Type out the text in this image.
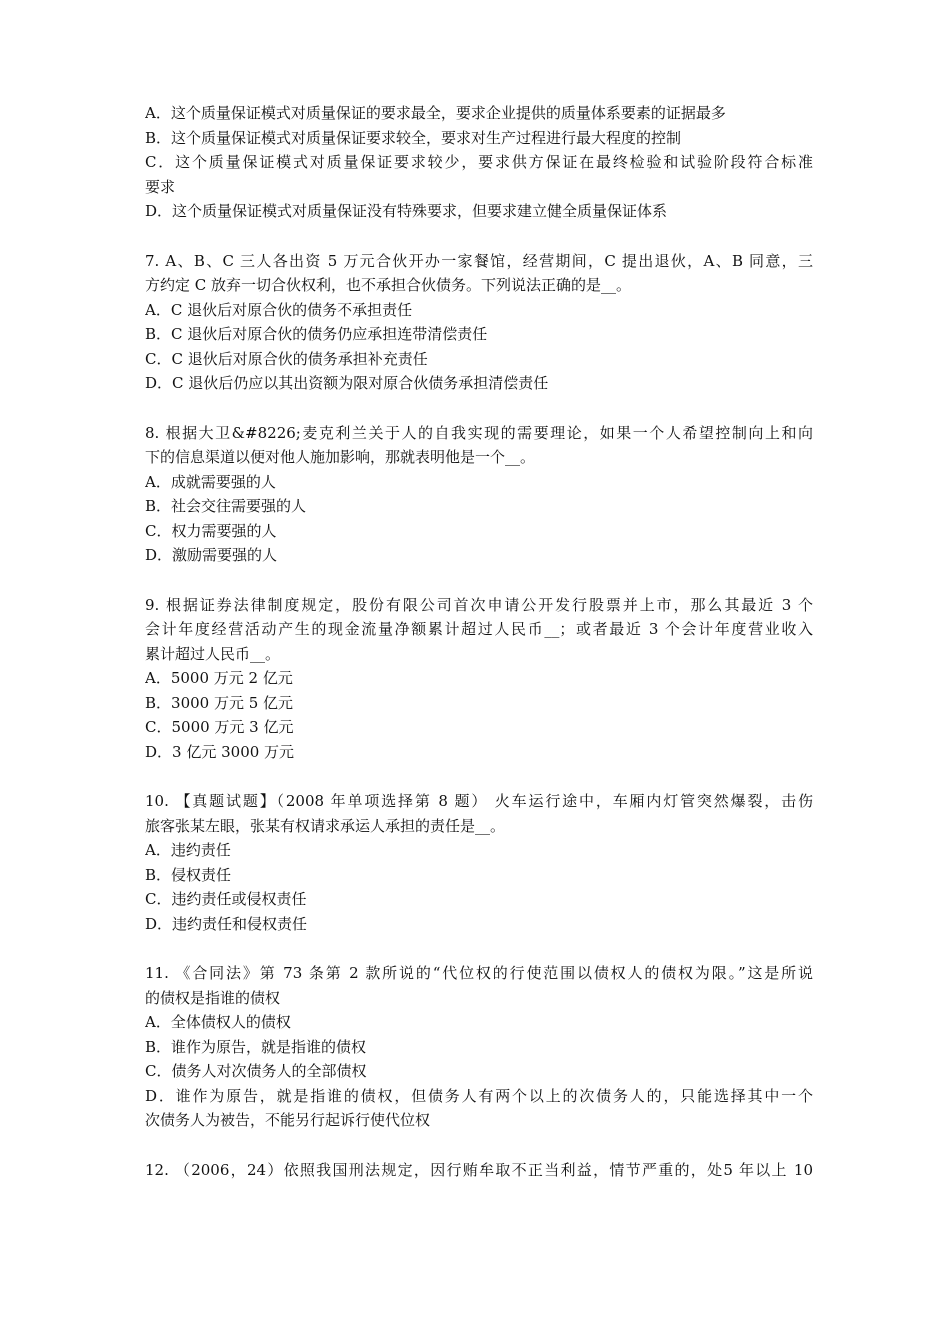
A．这个质量保证模式对质量保证的要求最全，要求企业提供的质量体系要素的证据最多
B．这个质量保证模式对质量保证要求较全，要求对生产过程进行最大程度的控制
C．这个质量保证模式对质量保证要求较少，要求供方保证在最终检验和试验阶段符合标准
要求
D．这个质量保证模式对质量保证没有特殊要求，但要求建立健全质量保证体系
7. A、B、C 三人各出资 5 万元合伙开办一家餐馆，经营期间，C 提出退伙，A、B 同意，三
方约定 C 放弃一切合伙权利，也不承担合伙债务。下列说法正确的是__。
A．C 退伙后对原合伙的债务不承担责任
B．C 退伙后对原合伙的债务仍应承担连带清偿责任
C．C 退伙后对原合伙的债务承担补充责任
D．C 退伙后仍应以其出资额为限对原合伙债务承担清偿责任
8. 根据大卫&#8226;麦克利兰关于人的自我实现的需要理论，如果一个人希望控制向上和向
下的信息渠道以便对他人施加影响，那就表明他是一个__。
A．成就需要强的人
B．社会交往需要强的人
C．权力需要强的人
D．激励需要强的人
9. 根据证券法律制度规定，股份有限公司首次申请公开发行股票并上市，那么其最近 3 个
会计年度经营活动产生的现金流量净额累计超过人民币__；或者最近 3 个会计年度营业收入
累计超过人民币__。
A．5000 万元 2 亿元
B．3000 万元 5 亿元
C．5000 万元 3 亿元
D．3 亿元 3000 万元
10. 【真题试题】（2008 年单项选择第 8 题） 火车运行途中，车厢内灯管突然爆裂，击伤
旅客张某左眼，张某有权请求承运人承担的责任是__。
A．违约责任
B．侵权责任
C．违约责任或侵权责任
D．违约责任和侵权责任
11. 《合同法》第 73 条第 2 款所说的“代位权的行使范围以债权人的债权为限。”这是所说
的债权是指谁的债权
A．全体债权人的债权
B．谁作为原告，就是指谁的债权
C．债务人对次债务人的全部债权
D．谁作为原告，就是指谁的债权，但债务人有两个以上的次债务人的，只能选择其中一个
次债务人为被告，不能另行起诉行使代位权
12. （2006，24）依照我国刑法规定，因行贿牟取不正当利益，情节严重的，处5 年以上 10
